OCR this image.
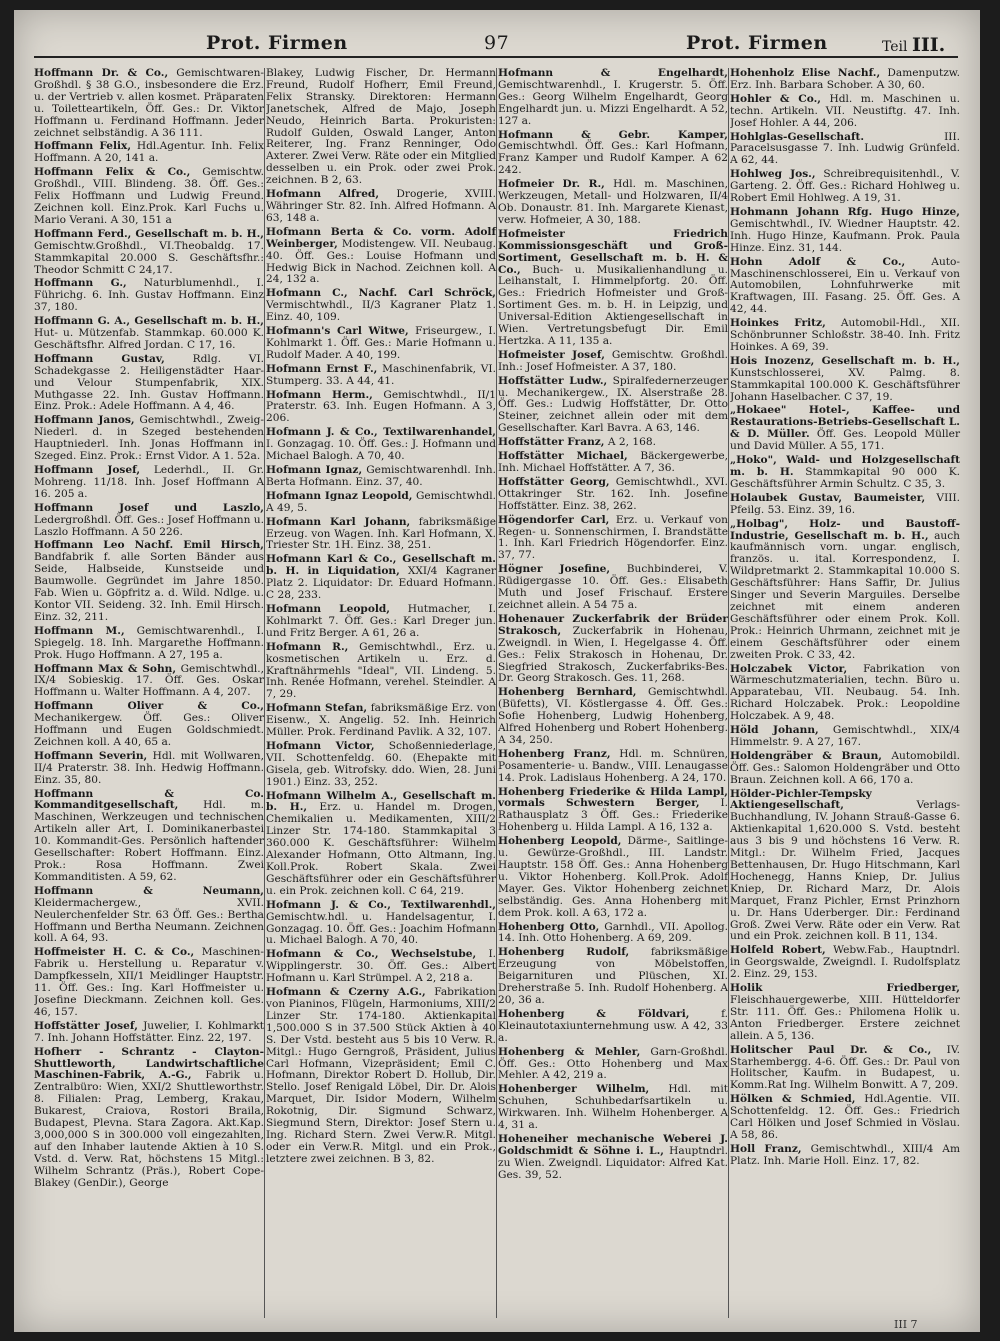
Prot. Firmen	97	Prot. Firmen	Teil III.
Hoffmann Dr. & Co., Gemischtwaren-Großhdl. § 38 G.O., insbesondere die Erz. u. der Vertrieb v. allen kosmet. Präparaten u. Toiletteartikeln, Öff. Ges.: Dr. Viktor Hoffmann u. Ferdinand Hoffmann. Jeder zeichnet selbständig. A 36 111.
Hoffmann Felix, Hdl.Agentur. Inh. Felix Hoffmann. A 20, 141 a.
Hoffmann Felix & Co., Gemischtw. Großhdl., VIII. Blindeng. 38. Öff. Ges.: Felix Hoffmann und Ludwig Freund. Zeichnen koll. Einz.Prok. Karl Fuchs u. Mario Verani. A 30, 151 a
Hoffmann Ferd., Gesellschaft m. b. H., Gemischtw.Großhdl., VI.Theobaldg. 17. Stammkapital 20.000 S. Geschäftsfhr.: Theodor Schmitt C 24,17.
Hoffmann G., Naturblumenhdl., I. Führichg. 6. Inh. Gustav Hoffmann. Einz 37, 180.
Hoffmann G. A., Gesellschaft m. b. H., Hut- u. Mützenfab. Stammkap. 60.000 K. Geschäftsfhr. Alfred Jordan. C 17, 16.
Hoffmann Gustav,	Rdlg. VI. Schadekgasse 2. Heiligenstädter Haar- und Velour Stumpenfabrik, XIX. Muthgasse 22. Inh. Gustav Hoffmann. Einz. Prok.: Adele Hoffmann. A 4, 46.
Hoffmann Janos, Gemischtwhdl., Zweig-Niederl. d. in Szeged bestehenden Hauptniederl. Inh. Jonas Hoffmann in Szeged. Einz. Prok.: Ernst Vidor. A 1. 52a.
Hoffmann Josef, Lederhdl., II. Gr. Mohreng. 11/18. Inh. Josef Hoffmann A 16. 205 a.
Hoffmann Josef und Laszlo, Ledergroßhdl. Öff. Ges.: Josef Hoffmann u. Laszlo Hoffmann. A 50 226.
Hoffmann Leo Nachf. Emil Hirsch, Bandfabrik f. alle Sorten Bänder aus Seide, Halbseide, Kunstseide und Baumwolle. Gegründet im Jahre 1850. Fab. Wien u. Göpfritz a. d. Wild. Ndlge. u. Kontor VII. Seideng. 32. Inh. Emil Hirsch. Einz. 32, 211.
Hoffmann M., Gemischtwarenhdl., I. Spiegelg. 18. Inh. Margarethe Hoffmann. Prok. Hugo Hoffmann. A 27, 195 a.
Hoffmann Max & Sohn, Gemischtwhdl., IX/4 Sobieskig. 17. Öff. Ges. Oskar Hoffmann u. Walter Hoffmann. A 4, 207.
Hoffmann Oliver & Co., Mechanikergew. Öff. Ges.: Oliver Hoffmann und Eugen Goldschmiedt. Zeichnen koll. A 40, 65 a.
Hoffmann Severin, Hdl. mit Wollwaren, II/4 Praterstr. 38. Inh. Hedwig Hoffmann. Einz. 35, 80.
Hoffmann & Co. Kommanditgesellschaft, Hdl. m. Maschinen, Werkzeugen und technischen Artikeln aller Art, I. Dominikanerbastei 10. Kommandit-Ges. Persönlich haftender Gesellschafter: Robert Hoffmann. Einz. Prok.: Rosa Hoffmann. Zwei Kommanditisten. A 59, 62.
Hoffmann & Neumann, Kleidermachergew., XVII. Neulerchenfelder Str. 63 Öff. Ges.: Bertha Hoffmann und Bertha Neumann. Zeichnen koll. A 64, 93.
Hoffmeister H. C. & Co., Maschinen-Fabrik u. Herstellung u. Reparatur v. Dampfkesseln, XII/1 Meidlinger Hauptstr. 11. Öff. Ges.: Ing. Karl Hoffmeister u. Josefine Dieckmann. Zeichnen koll. Ges. 46, 157.
Hoffstätter Josef, Juwelier, I. Kohlmarkt 7. Inh. Johann Hoffstätter. Einz. 22, 197.
Hofherr - Schrantz - Clayton-Shuttleworth, Landwirtschaftliche Maschinen-Fabrik, A.-G., Fabrik u. Zentralbüro: Wien, XXI/2 Shuttleworthstr. 8. Filialen: Prag, Lemberg, Krakau, Bukarest, Craiova, Rostori Braila, Budapest, Plevna. Stara Zagora. Akt.Kap. 3,000,000 S in 300.000 voll eingezahlten, auf den Inhaber lautende Aktien à 10 S. Vstd. d. Verw. Rat, höchstens 15 Mitgl.: Wilhelm Schrantz (Präs.), Robert Cope-Blakey (GenDir.), George
Blakey, Ludwig Fischer, Dr. Hermann Freund, Rudolf Hofherr, Emil Freund, Felix Stransky. Direktoren: Hermann Janetschek, Alfred de Majo, Joseph Neudo, Heinrich Barta. Prokuristen: Rudolf Gulden, Oswald Langer, Anton Reiterer, Ing. Franz Renninger, Odo Axterer. Zwei Verw. Räte oder ein Mitglied desselben u. ein Prok. oder zwei Prok. zeichnen. B 2, 63.
Hofmann Alfred, Drogerie, XVIII. Währinger Str. 82. Inh. Alfred Hofmann. A 63, 148 a.
Hofmann Berta & Co. vorm. Adolf Weinberger, Modistengew. VII. Neubaug. 40. Öff. Ges.: Louise Hofmann und Hedwig Bick in Nachod. Zeichnen koll. A 24, 132 a.
Hofmann C., Nachf. Carl Schröck, Vermischtwhdl., II/3 Kagraner Platz 1. Einz. 40, 109.
Hofmann's Carl Witwe, Friseurgew., I. Kohlmarkt 1. Öff. Ges.: Marie Hofmann u. Rudolf Mader. A 40, 199.
Hofmann Ernst F., Maschinenfabrik, VI. Stumperg. 33. A 44, 41.
Hofmann Herm., Gemischtwhdl., II/1 Praterstr. 63. Inh. Eugen Hofmann. A 3, 206.
Hofmann J. & Co., Textilwarenhandel, I. Gonzagag. 10. Öff. Ges.: J. Hofmann und Michael Balogh. A 70, 40.
Hofmann Ignaz, Gemischtwarenhdl. Inh. Berta Hofmann. Einz. 37, 40.
Hofmann Ignaz Leopold, Gemischtwhdl. A 49, 5.
Hofmann Karl Johann, fabriksmäßige Erzeug. von Wagen. Inh. Karl Hofmann, X. Triester Str. 1H. Einz. 38, 251.
Hofmann Karl & Co., Gesellschaft m. b. H. in Liquidation, XXI/4 Kagraner Platz 2. Liquidator: Dr. Eduard Hofmann. C 28, 233.
Hofmann Leopold, Hutmacher, I. Kohlmarkt 7. Öff. Ges.: Karl Dreger jun. und Fritz Berger. A 61, 26 a.
Hofmann R., Gemischtwhdl., Erz. u. kosmetischen Artikeln u. Erz. d. Kraftnährmehls "Ideal", VII. Lindeng. 5. Inh. Renée Hofmann, verehel. Steindler. A 7, 29.
Hofmann Stefan, fabriksmäßige Erz. von Eisenw., X. Angelig. 52. Inh. Heinrich Müller. Prok. Ferdinand Pavlik. A 32, 107.
Hofmann Victor, Schoßenniederlage, VII. Schottenfeldg. 60. (Ehepakte mit Gisela, geb. Witrofsky. ddo. Wien, 28. Juni 1901.) Einz. 33, 252.
Hofmann Wilhelm A., Gesellschaft m. b. H., Erz. u. Handel m. Drogen, Chemikalien u. Medikamenten, XIII/2 Linzer Str. 174-180. Stammkapital 3 360.000 K. Geschäftsführer: Wilhelm Alexander Hofmann, Otto Altmann, Ing. Koll.Prok. Robert Skala. Zwei Geschäftsführer oder ein Geschäftsführer u. ein Prok. zeichnen koll. C 64, 219.
Hofmann J. & Co., Textilwarenhdl., Gemischtw.hdl. u. Handelsagentur, I. Gonzagag. 10. Öff. Ges.: Joachim Hofmann u. Michael Balogh. A 70, 40.
Hofmann & Co., Wechselstube, I. Wipplingerstr. 30. Öff. Ges.: Albert Hofmann u. Karl Strümpel. A 2, 218 a.
Hofmann & Czerny A.G., Fabrikation von Pianinos, Flügeln, Harmoniums, XIII/2 Linzer Str. 174-180. Aktienkapital 1,500.000 S in 37.500 Stück Aktien à 40 S. Der Vstd. besteht aus 5 bis 10 Verw. R. Mitgl.: Hugo Gerngroß, Präsident, Julius Carl Hofmann, Vizepräsident; Emil C. Hofmann, Direktor Robert D. Hollub, Dir. Stello. Josef Renigald Löbel, Dir. Dr. Alois Marquet, Dir. Isidor Modern, Wilhelm Rokotnig, Dir. Sigmund Schwarz, Siegmund Stern, Direktor: Josef Stern u. Ing. Richard Stern. Zwei Verw.R. Mitgl. oder ein Verw.R. Mitgl. und ein Prok., letztere zwei zeichnen. B 3, 82.
Hofmann & Engelhardt, Gemischtwarenhdl., I. Krugerstr. 5. Öff. Ges.: Georg Wilhelm Engelhardt, Georg Engelhardt jun. u. Mizzi Engelhardt. A 52, 127 a.
Hofmann & Gebr. Kamper, Gemischtwhdl. Öff. Ges.: Karl Hofmann, Franz Kamper und Rudolf Kamper. A 62 242.
Hofmeier Dr. R., Hdl. m. Maschinen, Werkzeugen, Metall- und Holzwaren, II/4 Ob. Donaustr. 81. Inh. Margarete Kienast, verw. Hofmeier, A 30, 188.
Hofmeister Friedrich Kommissionsgeschäft und Groß-Sortiment, Gesellschaft m. b. H. & Co., Buch- u. Musikalienhandlung u. Leihanstalt, I. Himmelpfortg. 20. Öff. Ges.: Friedrich Hofmeister und Groß-Sortiment Ges. m. b. H. in Leipzig, und Universal-Edition Aktiengesellschaft in Wien. Vertretungsbefugt Dir. Emil Hertzka. A 11, 135 a.
Hofmeister Josef, Gemischtw. Großhdl. Inh.: Josef Hofmeister. A 37, 180.
Hoffstätter Ludw., Spiralfedernerzeuger u. Mechanikergew., IX. Alserstraße 28. Öff. Ges.: Ludwig Hoffstätter, Dr. Otto Steiner, zeichnet allein oder mit dem Gesellschafter. Karl Bavra. A 63, 146.
Hoffstätter Franz, A 2, 168.
Hoffstätter Michael, Bäckergewerbe, Inh. Michael Hoffstätter. A 7, 36.
Hoffstätter Georg, Gemischtwhdl., XVI. Ottakringer Str. 162. Inh. Josefine Hoffstätter. Einz. 38, 262.
Högendorfer Carl, Erz. u. Verkauf von Regen- u. Sonnenschirmen, I. Brandstätte 1. Inh. Karl Friedrich Högendorfer. Einz. 37, 77.
Högner Josefine, Buchbinderei, V. Rüdigergasse 10. Öff. Ges.: Elisabeth Muth und Josef Frischauf. Erstere zeichnet allein. A 54 75 a.
Hohenauer Zuckerfabrik der Brüder Strakosch, Zuckerfabrik in Hohenau, Zweigndl. in Wien, I. Hegelgasse 4. Öff. Ges.: Felix Strakosch in Hohenau, Dr. Siegfried Strakosch, Zuckerfabriks-Bes. Dr. Georg Strakosch. Ges. 11, 268.
Hohenberg Bernhard, Gemischtwhdl. (Büfetts), VI. Köstlergasse 4. Öff. Ges.: Sofie Hohenberg, Ludwig Hohenberg, Alfred Hohenberg und Robert Hohenberg. A 34, 250.
Hohenberg Franz, Hdl. m. Schnüren, Posamenterie- u. Bandw., VIII. Lenaugasse 14. Prok. Ladislaus Hohenberg. A 24, 170.
Hohenberg Friederike & Hilda Lampl, vormals Schwestern Berger, I. Rathausplatz 3 Öff. Ges.: Friederike Hohenberg u. Hilda Lampl. A 16, 132 a.
Hohenberg Leopold, Därme-, Saitlinge- u. Gewürze-Großhdl., III. Landstr. Hauptstr. 158 Öff. Ges.: Anna Hohenberg u. Viktor Hohenberg. Koll.Prok. Adolf Mayer. Ges. Viktor Hohenberg zeichnet selbständig. Ges. Anna Hohenberg mit dem Prok. koll. A 63, 172 a.
Hohenberg Otto, Garnhdl., VII. Apollog. 14. Inh. Otto Hohenberg. A 69, 209.
Hohenberg Rudolf, fabriksmäßige Erzeugung von Möbelstoffen, Beigarnituren und Plüschen, XI. Dreherstraße 5. Inh. Rudolf Hohenberg. A 20, 36 a.
Hohenberg & Földvari,	f. Kleinautotaxiunternehmung usw. A 42, 33 a.
Hohenberg & Mehler, Garn-Großhdl. Öff. Ges.: Otto Hohenberg und Max Mehler. A 42, 219 a.
Hohenberger Wilhelm, Hdl. mit Schuhen, Schuhbedarfsartikeln u. Wirkwaren. Inh. Wilhelm Hohenberger. A 4, 31 a.
Hoheneiher mechanische Weberei J. Goldschmidt & Söhne i. L., Hauptndrl. zu Wien. Zweigndl. Liquidator: Alfred Kat. Ges. 39, 52.
Hohenholz Elise Nachf., Damenputzw. Erz. Inh. Barbara Schober. A 30, 60.
Hohler & Co., Hdl. m. Maschinen u. techn. Artikeln. VII. Neustiftg. 47. Inh. Josef Hohler. A 44, 206.
Hohlglas-Gesellschaft.	III. Paracelsusgasse 7. Inh. Ludwig Grünfeld. A 62, 44.
Hohlweg Jos., Schreibrequisitenhdl., V. Garteng. 2. Öff. Ges.: Richard Hohlweg u. Robert Emil Hohlweg. A 19, 31.
Hohmann Johann Rfg. Hugo Hinze, Gemischtwhdl., IV. Wiedner Hauptstr. 42. Inh. Hugo Hinze, Kaufmann. Prok. Paula Hinze. Einz. 31, 144.
Hohn Adolf & Co., Auto-Maschinenschlosserei, Ein u. Verkauf von Automobilen, Lohnfuhrwerke mit Kraftwagen, III. Fasang. 25. Öff. Ges. A 42, 44.
Hoinkes Fritz, Automobil-Hdl., XII. Schönbrunner Schloßstr. 38-40. Inh. Fritz Hoinkes. A 69, 39.
Hois Inozenz, Gesellschaft m. b. H., Kunstschlosserei, XV. Palmg. 8. Stammkapital 100.000 K. Geschäftsführer Johann Haselbacher. C 37, 19.
„Hokaee" Hotel-, Kaffee- und Restaurations-Betriebs-Gesellschaft L. & D. Müller. Öff. Ges. Leopold Müller und David Müller. A 55, 171.
„Hoko", Wald- und Holzgesellschaft m. b. H. Stammkapital 90 000 K. Geschäftsführer Armin Schultz. C 35, 3.
Holaubek Gustav, Baumeister, VIII. Pfeilg. 53. Einz. 39, 16.
„Holbag", Holz- und Baustoff-Industrie, Gesellschaft m. b. H., auch kaufmännisch vorn. ungar. englisch, französ. u. ital. Korrespondenz, I. Wildpretmarkt 2. Stammkapital 10.000 S. Geschäftsführer: Hans Saffir, Dr. Julius Singer und Severin Marguiles. Derselbe zeichnet mit einem anderen Geschäftsführer oder einem Prok. Koll. Prok.: Heinrich Uhrmann, zeichnet mit je einem Geschäftsführer oder einem zweiten Prok. C 33, 42.
Holczabek Victor, Fabrikation von Wärmeschutzmaterialien, techn. Büro u. Apparatebau, VII. Neubaug. 54. Inh. Richard Holczabek. Prok.: Leopoldine Holczabek. A 9, 48.
Höld Johann, Gemischtwhdl., XIX/4 Himmelstr. 9. A 27, 167.
Holdengräber & Braun, Automobildl. Öff. Ges.: Salomon Holdengräber und Otto Braun. Zeichnen koll. A 66, 170 a.
Hölder-Pichler-Tempsky Aktiengesellschaft,	Verlags-Buchhandlung, IV. Johann Strauß-Gasse 6. Aktienkapital 1,620.000 S. Vstd. besteht aus 3 bis 9 und höchstens 16 Verw. R. Mitgl.: Dr. Wilhelm Fried, Jacques Bettenhausen, Dr. Hugo Hitschmann, Karl Hochenegg, Hanns Kniep, Dr. Julius Kniep, Dr. Richard Marz, Dr. Alois Marquet, Franz Pichler, Ernst Prinzhorn u. Dr. Hans Uderberger. Dir.: Ferdinand Groß. Zwei Verw. Räte oder ein Verw. Rat und ein Prok. zeichnen koll. B 11, 134.
Holfeld Robert, Webw.Fab., Hauptndrl. in Georgswalde, Zweigndl. I. Rudolfsplatz 2. Einz. 29, 153.
Holik Friedberger, Fleischhauergewerbe, XIII. Hütteldorfer Str. 111. Öff. Ges.: Philomena Holik u. Anton Friedberger. Erstere zeichnet allein. A 5, 136.
Holitscher Paul Dr. & Co., IV. Starhembergg. 4-6. Öff. Ges.: Dr. Paul von Holitscher, Kaufm. in Budapest, u. Komm.Rat Ing. Wilhelm Bonwitt. A 7, 209.
Hölken & Schmied, Hdl.Agentie. VII. Schottenfeldg. 12. Öff. Ges.: Friedrich Carl Hölken und Josef Schmied in Vöslau. A 58, 86.
Holl Franz, Gemischtwhdl., XIII/4 Am Platz. Inh. Marie Holl. Einz. 17, 82.
III 7
